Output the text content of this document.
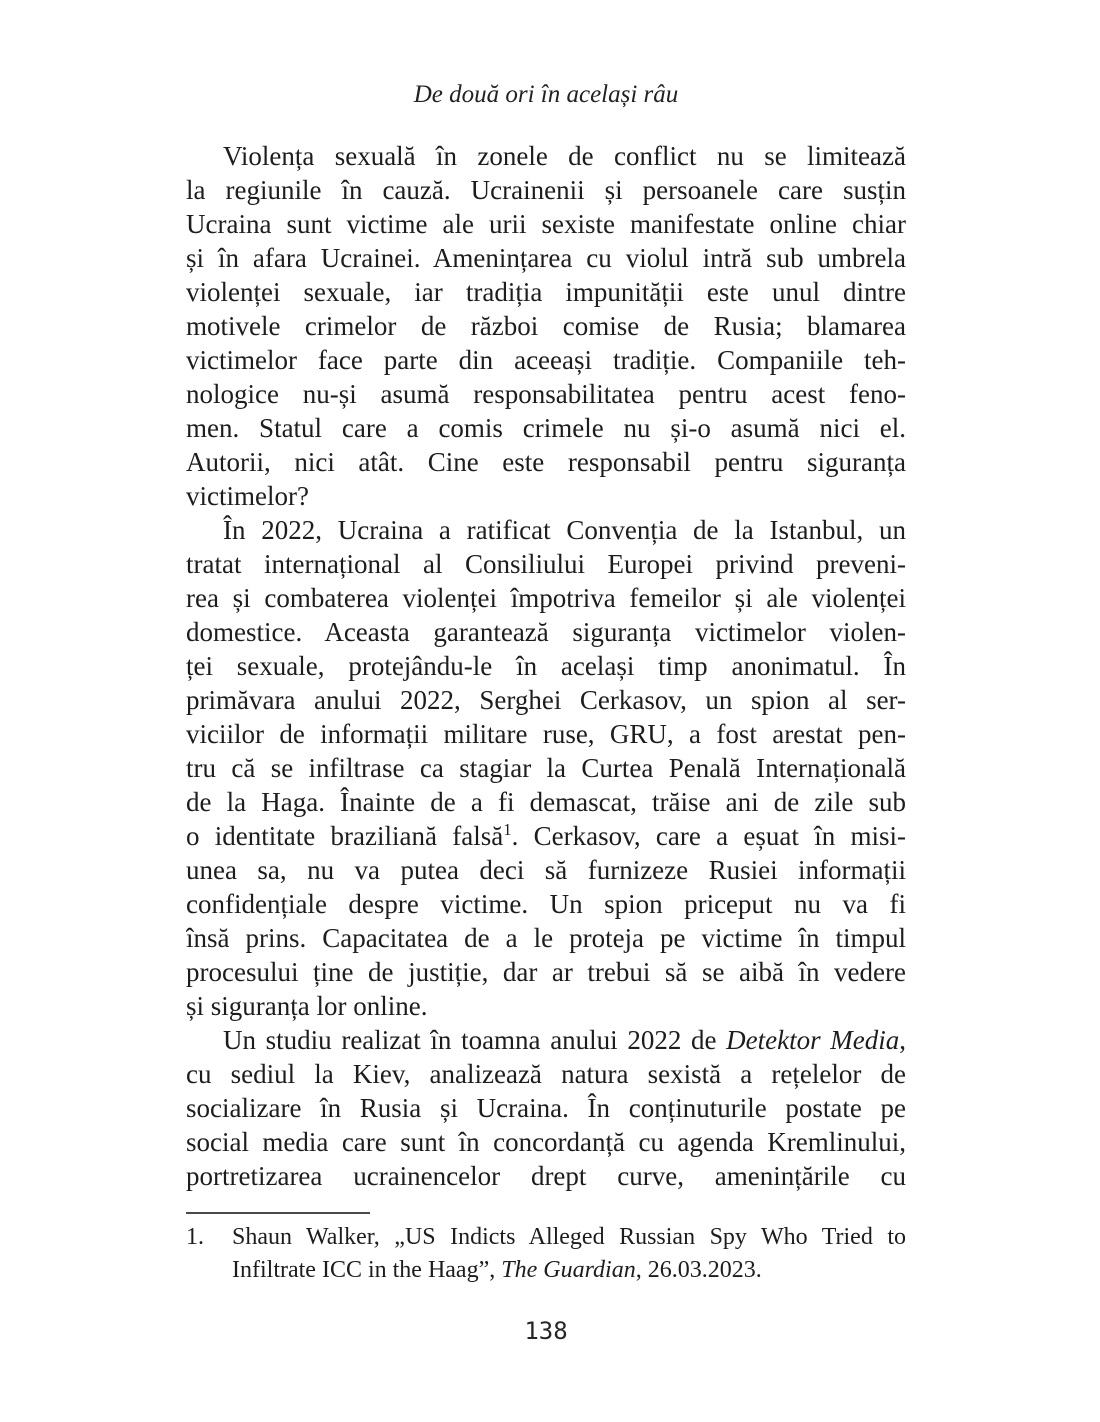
De două ori în același râu
Violența sexuală în zonele de conflict nu se limitează
la regiunile în cauză. Ucrainenii și persoanele care susțin
Ucraina sunt victime ale urii sexiste manifestate online chiar
și în afara Ucrainei. Amenințarea cu violul intră sub umbrela
violenței sexuale, iar tradiția impunității este unul dintre
motivele crimelor de război comise de Rusia; blamarea
victimelor face parte din aceeași tradiție. Companiile teh-
nologice nu-și asumă responsabilitatea pentru acest feno-
men. Statul care a comis crimele nu și-o asumă nici el.
Autorii, nici atât. Cine este responsabil pentru siguranța
victimelor?
În 2022, Ucraina a ratificat Convenția de la Istanbul, un
tratat internațional al Consiliului Europei privind preveni-
rea și combaterea violenței împotriva femeilor și ale violenței
domestice. Aceasta garantează siguranța victimelor violen-
ței sexuale, protejându-le în același timp anonimatul. În
primăvara anului 2022, Serghei Cerkasov, un spion al ser-
viciilor de informații militare ruse, GRU, a fost arestat pen-
tru că se infiltrase ca stagiar la Curtea Penală Internațională
de la Haga. Înainte de a fi demascat, trăise ani de zile sub
o identitate braziliană falsă$^1$. Cerkasov, care a eșuat în misi-
unea sa, nu va putea deci să furnizeze Rusiei informații
confidențiale despre victime. Un spion priceput nu va fi
însă prins. Capacitatea de a le proteja pe victime în timpul
procesului ține de justiție, dar ar trebui să se aibă în vedere
și siguranța lor online.
Un studiu realizat în toamna anului 2022 de Detektor Media,
cu sediul la Kiev, analizează natura sexistă a rețelelor de
socializare în Rusia și Ucraina. În conținuturile postate pe
social media care sunt în concordanță cu agenda Kremlinului,
portretizarea ucrainencelor drept curve, amenințările cu
1. Shaun Walker, „US Indicts Alleged Russian Spy Who Tried to
Infiltrate ICC in the Haag”, The Guardian, 26.03.2023.
138
